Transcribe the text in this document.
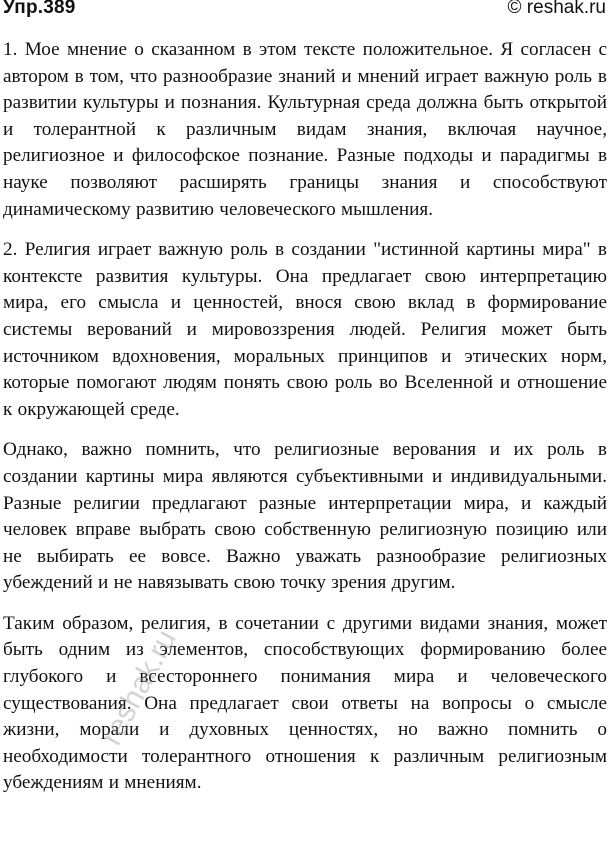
Упр.389	© reshak.ru

1. Мое мнение о сказанном в этом тексте положительное. Я согласен с автором в том, что разнообразие знаний и мнений играет важную роль в развитии культуры и познания. Культурная среда должна быть открытой и толерантной к различным видам знания, включая научное, религиозное и философское познание. Разные подходы и парадигмы в науке позволяют расширять границы знания и способствуют динамическому развитию человеческого мышления.

2. Религия играет важную роль в создании "истинной картины мира" в контексте развития культуры. Она предлагает свою интерпретацию мира, его смысла и ценностей, внося свою вклад в формирование системы верований и мировоззрения людей. Религия может быть источником вдохновения, моральных принципов и этических норм, которые помогают людям понять свою роль во Вселенной и отношение к окружающей среде.

Однако, важно помнить, что религиозные верования и их роль в создании картины мира являются субъективными и индивидуальными. Разные религии предлагают разные интерпретации мира, и каждый человек вправе выбрать свою собственную религиозную позицию или не выбирать ее вовсе. Важно уважать разнообразие религиозных убеждений и не навязывать свою точку зрения другим.

Таким образом, религия, в сочетании с другими видами знания, может быть одним из элементов, способствующих формированию более глубокого и всестороннего понимания мира и человеческого существования. Она предлагает свои ответы на вопросы о смысле жизни, морали и духовных ценностях, но важно помнить о необходимости толерантного отношения к различным религиозным убеждениям и мнениям.

reshak.ru
